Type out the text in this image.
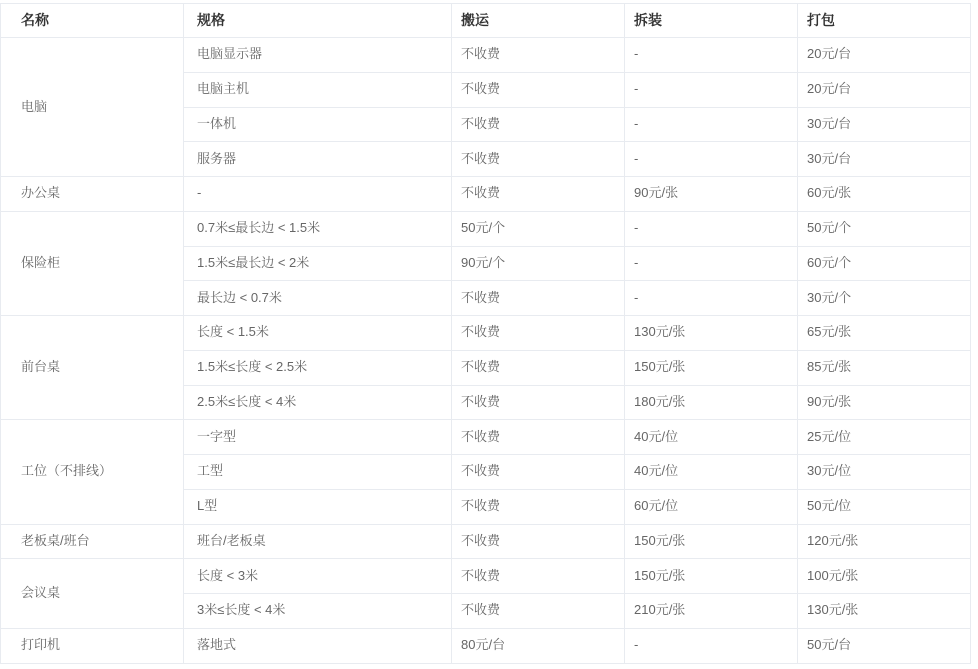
名称	规格	搬运	拆装	打包
电脑	电脑显示器	不收费	-	20元/台
	电脑主机	不收费	-	20元/台
	一体机	不收费	-	30元/台
	服务器	不收费	-	30元/台
办公桌	-	不收费	90元/张	60元/张
保险柜	0.7米≤最长边 < 1.5米	50元/个	-	50元/个
	1.5米≤最长边 < 2米	90元/个	-	60元/个
	最长边 < 0.7米	不收费	-	30元/个
前台桌	长度 < 1.5米	不收费	130元/张	65元/张
	1.5米≤长度 < 2.5米	不收费	150元/张	85元/张
	2.5米≤长度 < 4米	不收费	180元/张	90元/张
工位（不排线）	一字型	不收费	40元/位	25元/位
	工型	不收费	40元/位	30元/位
	L型	不收费	60元/位	50元/位
老板桌/班台	班台/老板桌	不收费	150元/张	120元/张
会议桌	长度 < 3米	不收费	150元/张	100元/张
	3米≤长度 < 4米	不收费	210元/张	130元/张
打印机	落地式	80元/台	-	50元/台
